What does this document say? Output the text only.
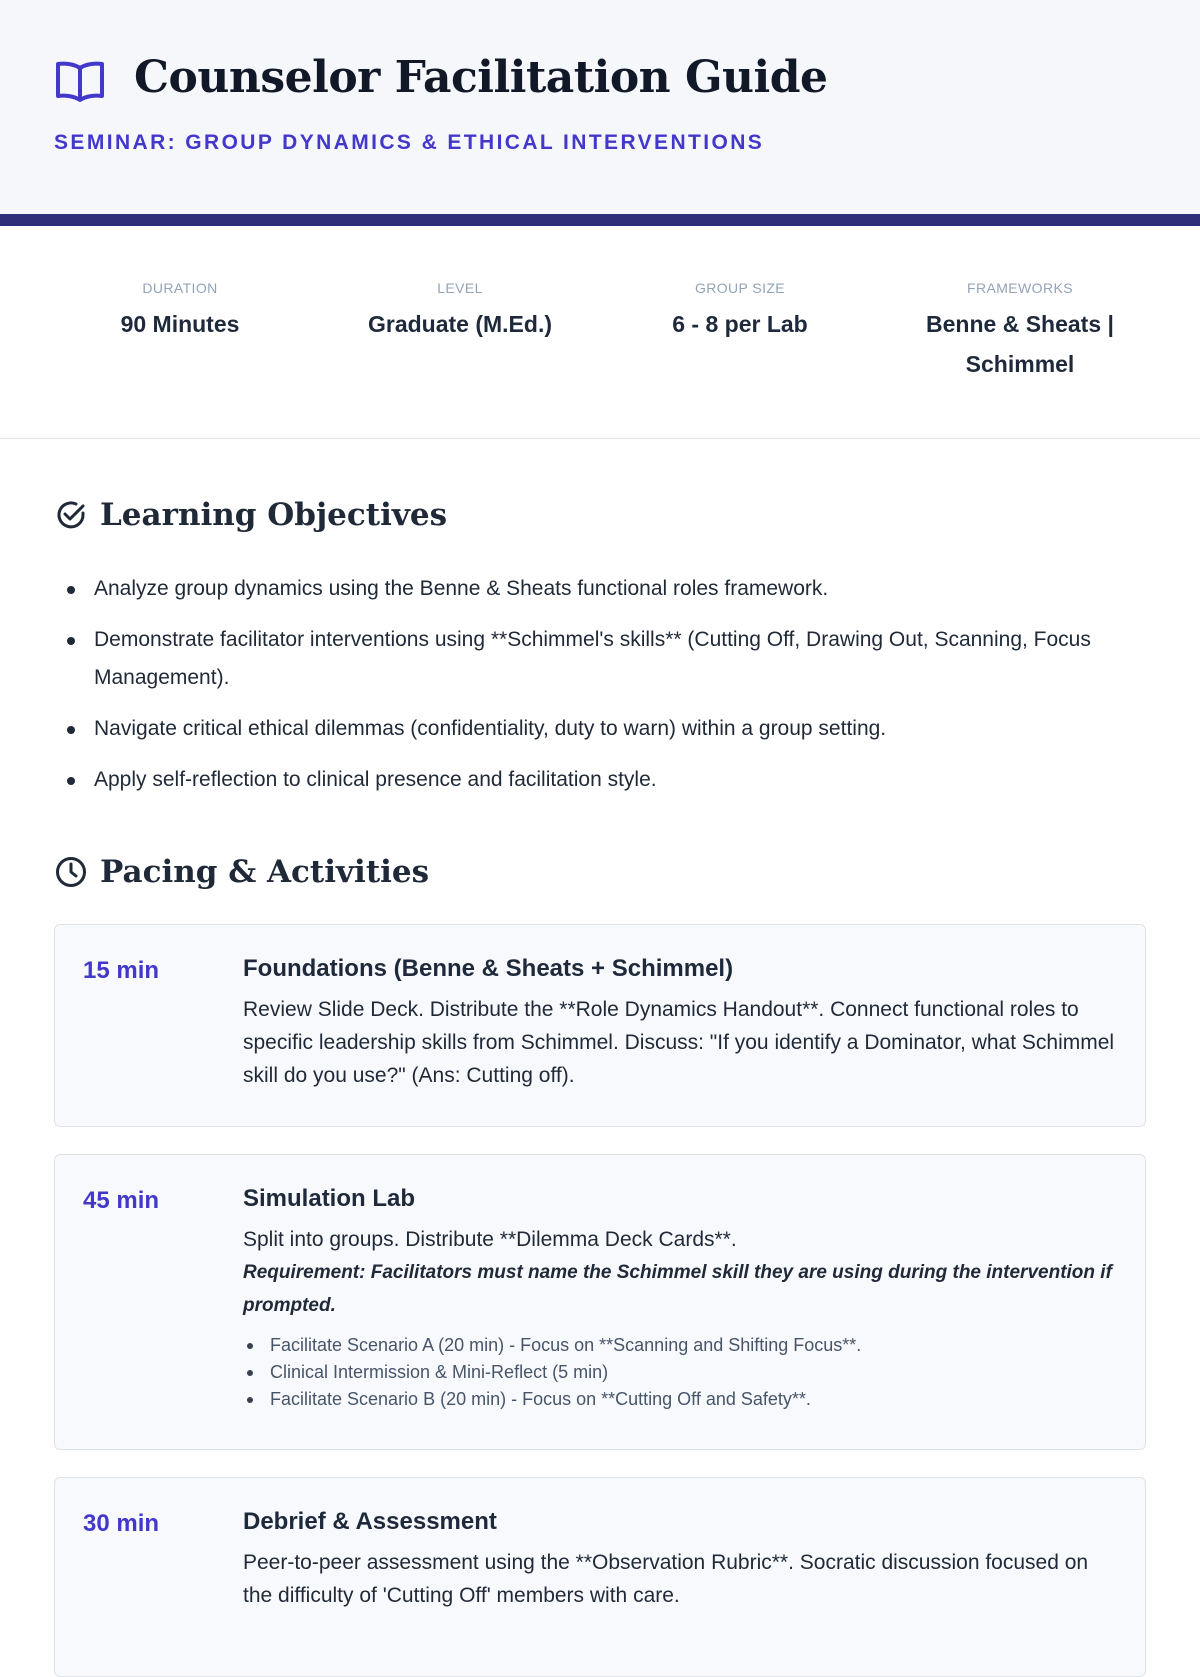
Counselor Facilitation Guide
SEMINAR: GROUP DYNAMICS & ETHICAL INTERVENTIONS
DURATION
90 Minutes
LEVEL
Graduate (M.Ed.)
GROUP SIZE
6 - 8 per Lab
FRAMEWORKS
Benne & Sheats | Schimmel
Learning Objectives
Analyze group dynamics using the Benne & Sheats functional roles framework.
Demonstrate facilitator interventions using **Schimmel's skills** (Cutting Off, Drawing Out, Scanning, Focus Management).
Navigate critical ethical dilemmas (confidentiality, duty to warn) within a group setting.
Apply self-reflection to clinical presence and facilitation style.
Pacing & Activities
15 min	Foundations (Benne & Sheats + Schimmel)

Review Slide Deck. Distribute the **Role Dynamics Handout**. Connect functional roles to specific leadership skills from Schimmel. Discuss: "If you identify a Dominator, what Schimmel skill do you use?" (Ans: Cutting off).

45 min	Simulation Lab

Split into groups. Distribute **Dilemma Deck Cards**.

Requirement: Facilitators must name the Schimmel skill they are using during the intervention if prompted.

Facilitate Scenario A (20 min) - Focus on **Scanning and Shifting Focus**.
Clinical Intermission & Mini-Reflect (5 min)
Facilitate Scenario B (20 min) - Focus on **Cutting Off and Safety**.
30 min	Debrief & Assessment

Peer-to-peer assessment using the **Observation Rubric**. Socratic discussion focused on the difficulty of 'Cutting Off' members with care.
